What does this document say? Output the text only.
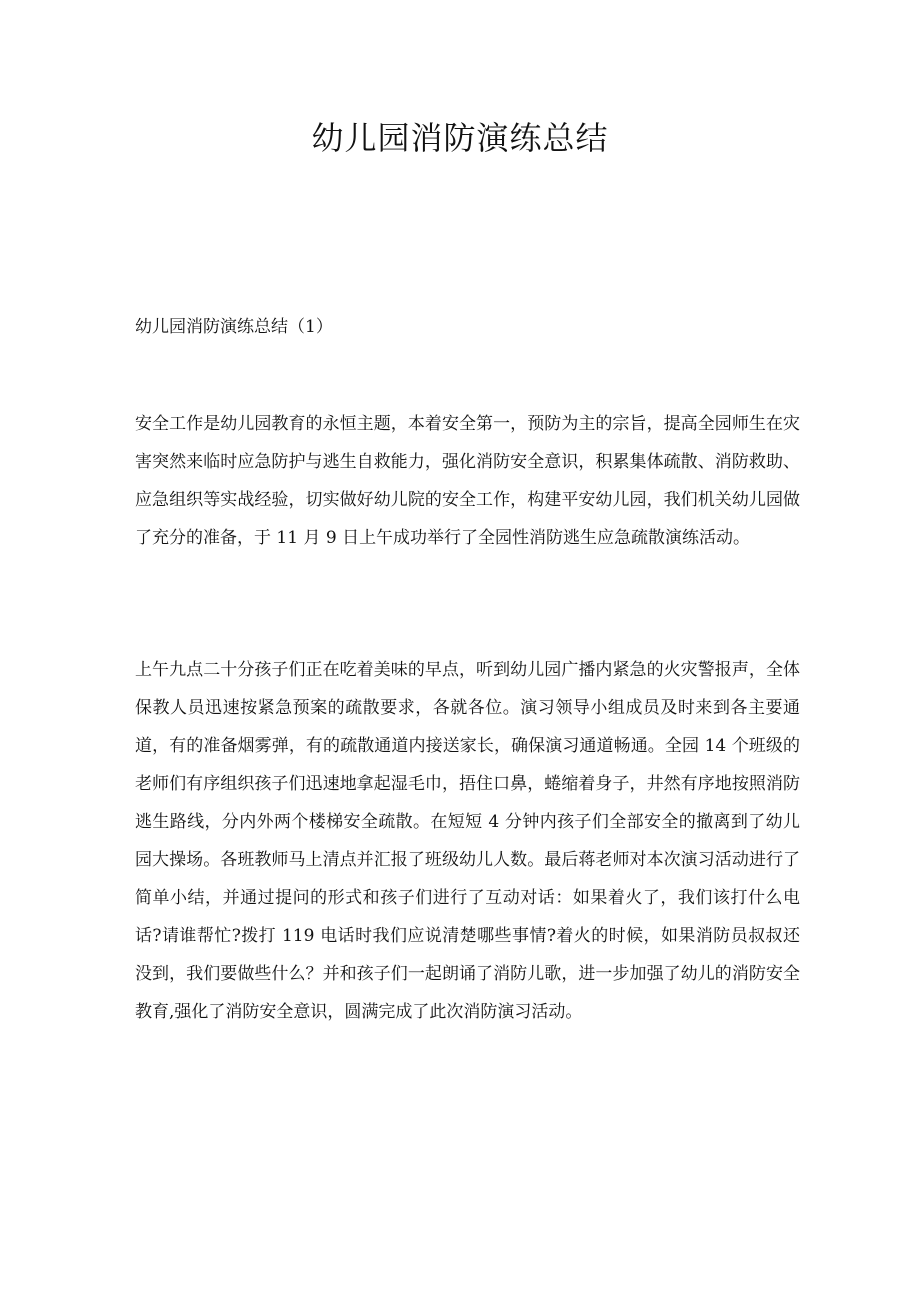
幼儿园消防演练总结
幼儿园消防演练总结（1）

安全工作是幼儿园教育的永恒主题，本着安全第一，预防为主的宗旨，提高全园师生在灾害突然来临时应急防护与逃生自救能力，强化消防安全意识，积累集体疏散、消防救助、应急组织等实战经验，切实做好幼儿院的安全工作，构建平安幼儿园，我们机关幼儿园做了充分的准备，于 11 月 9 日上午成功举行了全园性消防逃生应急疏散演练活动。

上午九点二十分孩子们正在吃着美味的早点，听到幼儿园广播内紧急的火灾警报声，全体保教人员迅速按紧急预案的疏散要求，各就各位。演习领导小组成员及时来到各主要通道，有的准备烟雾弹，有的疏散通道内接送家长，确保演习通道畅通。全园 14 个班级的老师们有序组织孩子们迅速地拿起湿毛巾，捂住口鼻，蜷缩着身子，井然有序地按照消防逃生路线，分内外两个楼梯安全疏散。在短短 4 分钟内孩子们全部安全的撤离到了幼儿园大操场。各班教师马上清点并汇报了班级幼儿人数。最后蒋老师对本次演习活动进行了简单小结，并通过提问的形式和孩子们进行了互动对话：如果着火了，我们该打什么电话?请谁帮忙?拨打 119 电话时我们应说清楚哪些事情?着火的时候，如果消防员叔叔还没到，我们要做些什么？并和孩子们一起朗诵了消防儿歌，进一步加强了幼儿的消防安全教育,强化了消防安全意识，圆满完成了此次消防演习活动。
